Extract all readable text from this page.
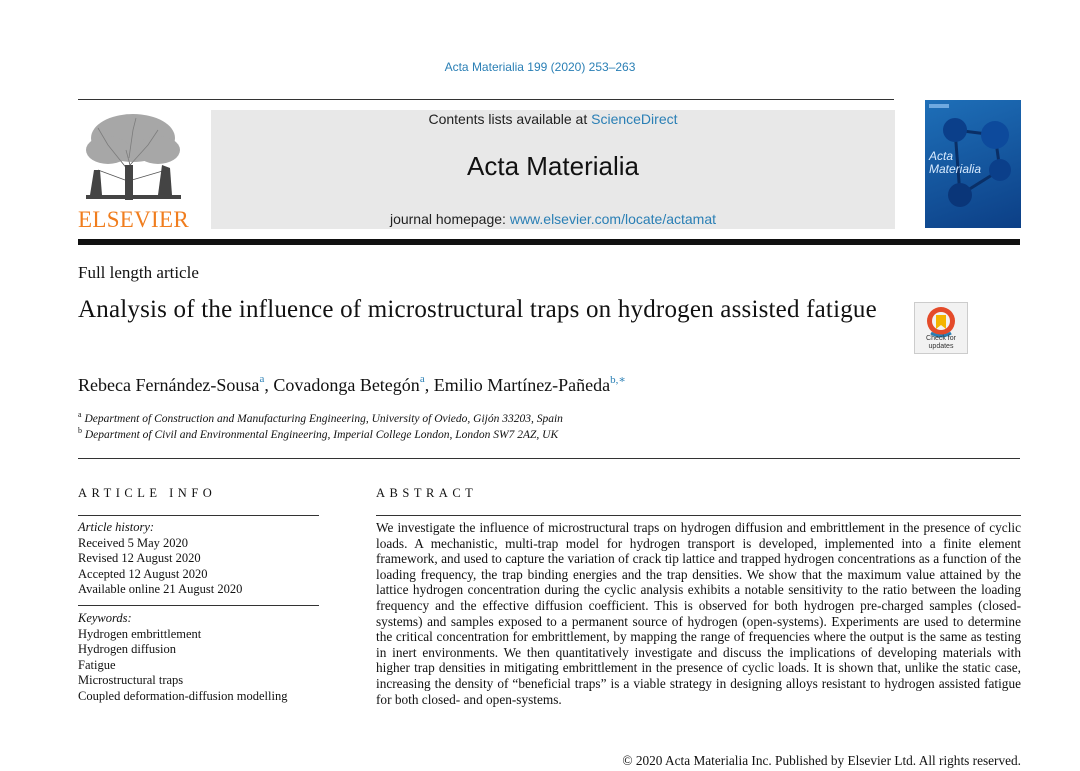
Acta Materialia 199 (2020) 253–263
ELSEVIER
Contents lists available at ScienceDirect
Acta Materialia
journal homepage: www.elsevier.com/locate/actamat
Acta Materialia
Full length article
Analysis of the influence of microstructural traps on hydrogen assisted fatigue
Check for updates
Rebeca Fernández-Sousa$^a$, Covadonga Betegón$^a$, Emilio Martínez-Pañeda$^{b,∗}$
$^a$ Department of Construction and Manufacturing Engineering, University of Oviedo, Gijón 33203, Spain
$^b$ Department of Civil and Environmental Engineering, Imperial College London, London SW7 2AZ, UK
ARTICLE INFO
Article history:
Received 5 May 2020
Revised 12 August 2020
Accepted 12 August 2020
Available online 21 August 2020
Keywords:
Hydrogen embrittlement
Hydrogen diffusion
Fatigue
Microstructural traps
Coupled deformation-diffusion modelling
ABSTRACT
We investigate the influence of microstructural traps on hydrogen diffusion and embrittlement in the presence of cyclic loads. A mechanistic, multi-trap model for hydrogen transport is developed, implemented into a finite element framework, and used to capture the variation of crack tip lattice and trapped hydrogen concentrations as a function of the loading frequency, the trap binding energies and the trap densities. We show that the maximum value attained by the lattice hydrogen concentration during the cyclic analysis exhibits a notable sensitivity to the ratio between the loading frequency and the effective diffusion coefficient. This is observed for both hydrogen pre-charged samples (closed-systems) and samples exposed to a permanent source of hydrogen (open-systems). Experiments are used to determine the critical concentration for embrittlement, by mapping the range of frequencies where the output is the same as testing in inert environments. We then quantitatively investigate and discuss the implications of developing materials with higher trap densities in mitigating embrittlement in the presence of cyclic loads. It is shown that, unlike the static case, increasing the density of “beneficial traps” is a viable strategy in designing alloys resistant to hydrogen assisted fatigue for both closed- and open-systems.
© 2020 Acta Materialia Inc. Published by Elsevier Ltd. All rights reserved.
